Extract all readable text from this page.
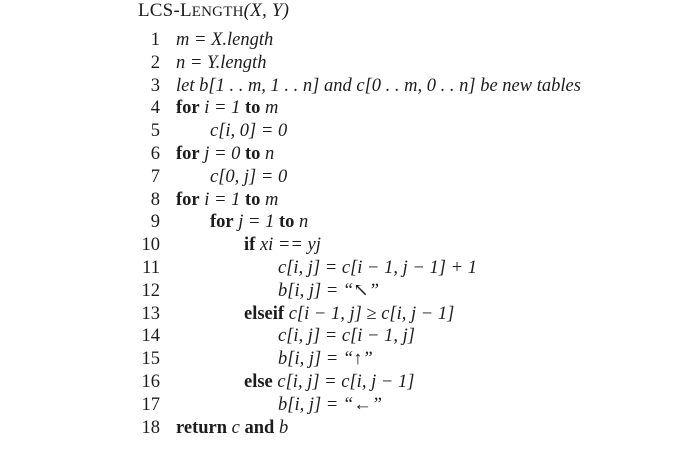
LCS-LENGTH(X, Y)
1 m = X.length
2 n = Y.length
3 let b[1 . . m, 1 . . n] and c[0 . . m, 0 . . n] be new tables
4 for i = 1 to m
5	c[i, 0] = 0
6 for j = 0 to n
7	c[0, j] = 0
8 for i = 1 to m
9	for j = 1 to n
10	if xi == yj
11	c[i, j] = c[i − 1, j − 1] + 1
12	b[i, j] = “↖”
13	elseif c[i − 1, j] ≥ c[i, j − 1]
14	c[i, j] = c[i − 1, j]
15	b[i, j] = “↑”
16	else c[i, j] = c[i, j − 1]
17	b[i, j] = “←”
18 return c and b
